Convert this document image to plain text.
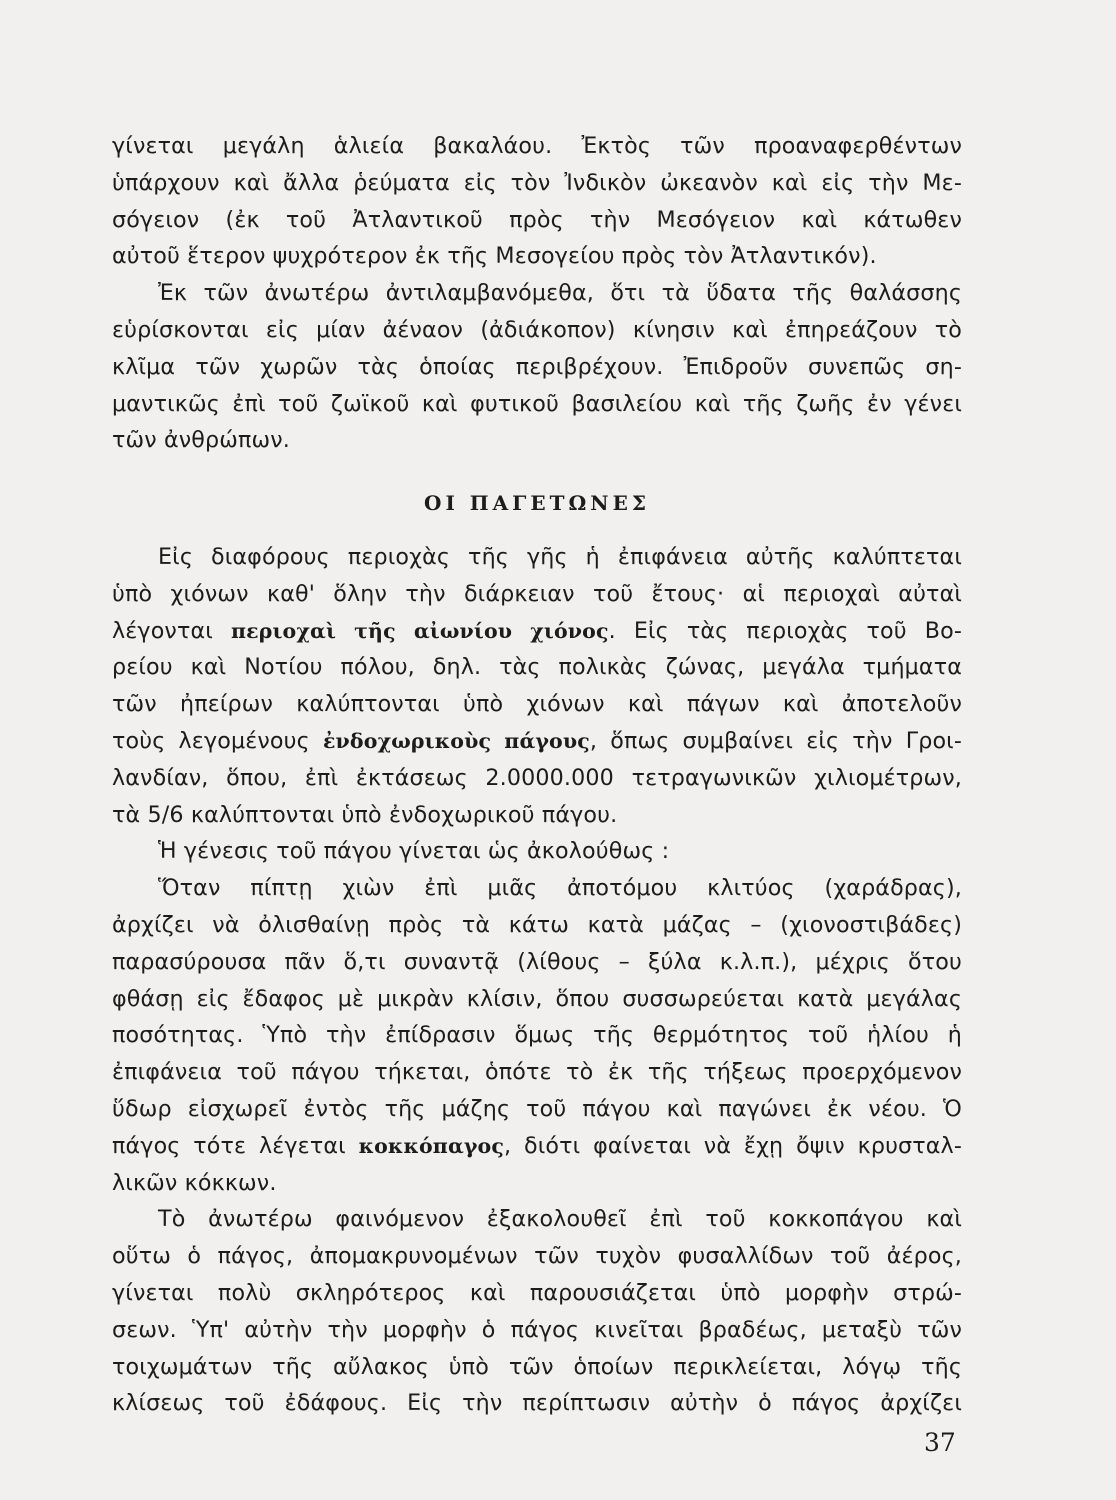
γίνεται μεγάλη ἁλιεία βακαλάου. Ἐκτὸς τῶν προαναφερθέντων
ὑπάρχουν καὶ ἄλλα ῥεύματα εἰς τὸν Ἰνδικὸν ὠκεανὸν καὶ εἰς τὴν Με-
σόγειον (ἐκ τοῦ Ἀτλαντικοῦ πρὸς τὴν Μεσόγειον καὶ κάτωθεν
αὐτοῦ ἕτερον ψυχρότερον ἐκ τῆς Μεσογείου πρὸς τὸν Ἀτλαντικόν).
Ἐκ τῶν ἀνωτέρω ἀντιλαμβανόμεθα, ὅτι τὰ ὕδατα τῆς θαλάσσης
εὑρίσκονται εἰς μίαν ἀέναον (ἀδιάκοπον) κίνησιν καὶ ἐπηρεάζουν τὸ
κλῖμα τῶν χωρῶν τὰς ὁποίας περιβρέχουν. Ἐπιδροῦν συνεπῶς ση-
μαντικῶς ἐπὶ τοῦ ζωϊκοῦ καὶ φυτικοῦ βασιλείου καὶ τῆς ζωῆς ἐν γένει
τῶν ἀνθρώπων.
ΟΙ ΠΑΓΕΤΩΝΕΣ
Εἰς διαφόρους περιοχὰς τῆς γῆς ἡ ἐπιφάνεια αὐτῆς καλύπτεται
ὑπὸ χιόνων καθ' ὅλην τὴν διάρκειαν τοῦ ἔτους· αἱ περιοχαὶ αὐταὶ
λέγονται περιοχαὶ τῆς αἰωνίου χιόνος. Εἰς τὰς περιοχὰς τοῦ Βο-
ρείου καὶ Νοτίου πόλου, δηλ. τὰς πολικὰς ζώνας, μεγάλα τμήματα
τῶν ἠπείρων καλύπτονται ὑπὸ χιόνων καὶ πάγων καὶ ἀποτελοῦν
τοὺς λεγομένους ἐνδοχωρικοὺς πάγους, ὅπως συμβαίνει εἰς τὴν Γροι-
λανδίαν, ὅπου, ἐπὶ ἐκτάσεως 2.0000.000 τετραγωνικῶν χιλιομέτρων,
τὰ 5/6 καλύπτονται ὑπὸ ἐνδοχωρικοῦ πάγου.
Ἡ γένεσις τοῦ πάγου γίνεται ὡς ἀκολούθως :
Ὅταν πίπτῃ χιὼν ἐπὶ μιᾶς ἀποτόμου κλιτύος (χαράδρας),
ἀρχίζει νὰ ὀλισθαίνῃ πρὸς τὰ κάτω κατὰ μάζας – (χιονοστιβάδες)
παρασύρουσα πᾶν ὅ,τι συναντᾷ (λίθους – ξύλα κ.λ.π.), μέχρις ὅτου
φθάσῃ εἰς ἔδαφος μὲ μικρὰν κλίσιν, ὅπου συσσωρεύεται κατὰ μεγάλας
ποσότητας. Ὑπὸ τὴν ἐπίδρασιν ὅμως τῆς θερμότητος τοῦ ἡλίου ἡ
ἐπιφάνεια τοῦ πάγου τήκεται, ὁπότε τὸ ἐκ τῆς τήξεως προερχόμενον
ὕδωρ εἰσχωρεῖ ἐντὸς τῆς μάζης τοῦ πάγου καὶ παγώνει ἐκ νέου. Ὁ
πάγος τότε λέγεται κοκκόπαγος, διότι φαίνεται νὰ ἔχῃ ὄψιν κρυσταλ-
λικῶν κόκκων.
Τὸ ἀνωτέρω φαινόμενον ἐξακολουθεῖ ἐπὶ τοῦ κοκκοπάγου καὶ
οὕτω ὁ πάγος, ἀπομακρυνομένων τῶν τυχὸν φυσαλλίδων τοῦ ἀέρος,
γίνεται πολὺ σκληρότερος καὶ παρουσιάζεται ὑπὸ μορφὴν στρώ-
σεων. Ὑπ' αὐτὴν τὴν μορφὴν ὁ πάγος κινεῖται βραδέως, μεταξὺ τῶν
τοιχωμάτων τῆς αὔλακος ὑπὸ τῶν ὁποίων περικλείεται, λόγῳ τῆς
κλίσεως τοῦ ἐδάφους. Εἰς τὴν περίπτωσιν αὐτὴν ὁ πάγος ἀρχίζει
37
